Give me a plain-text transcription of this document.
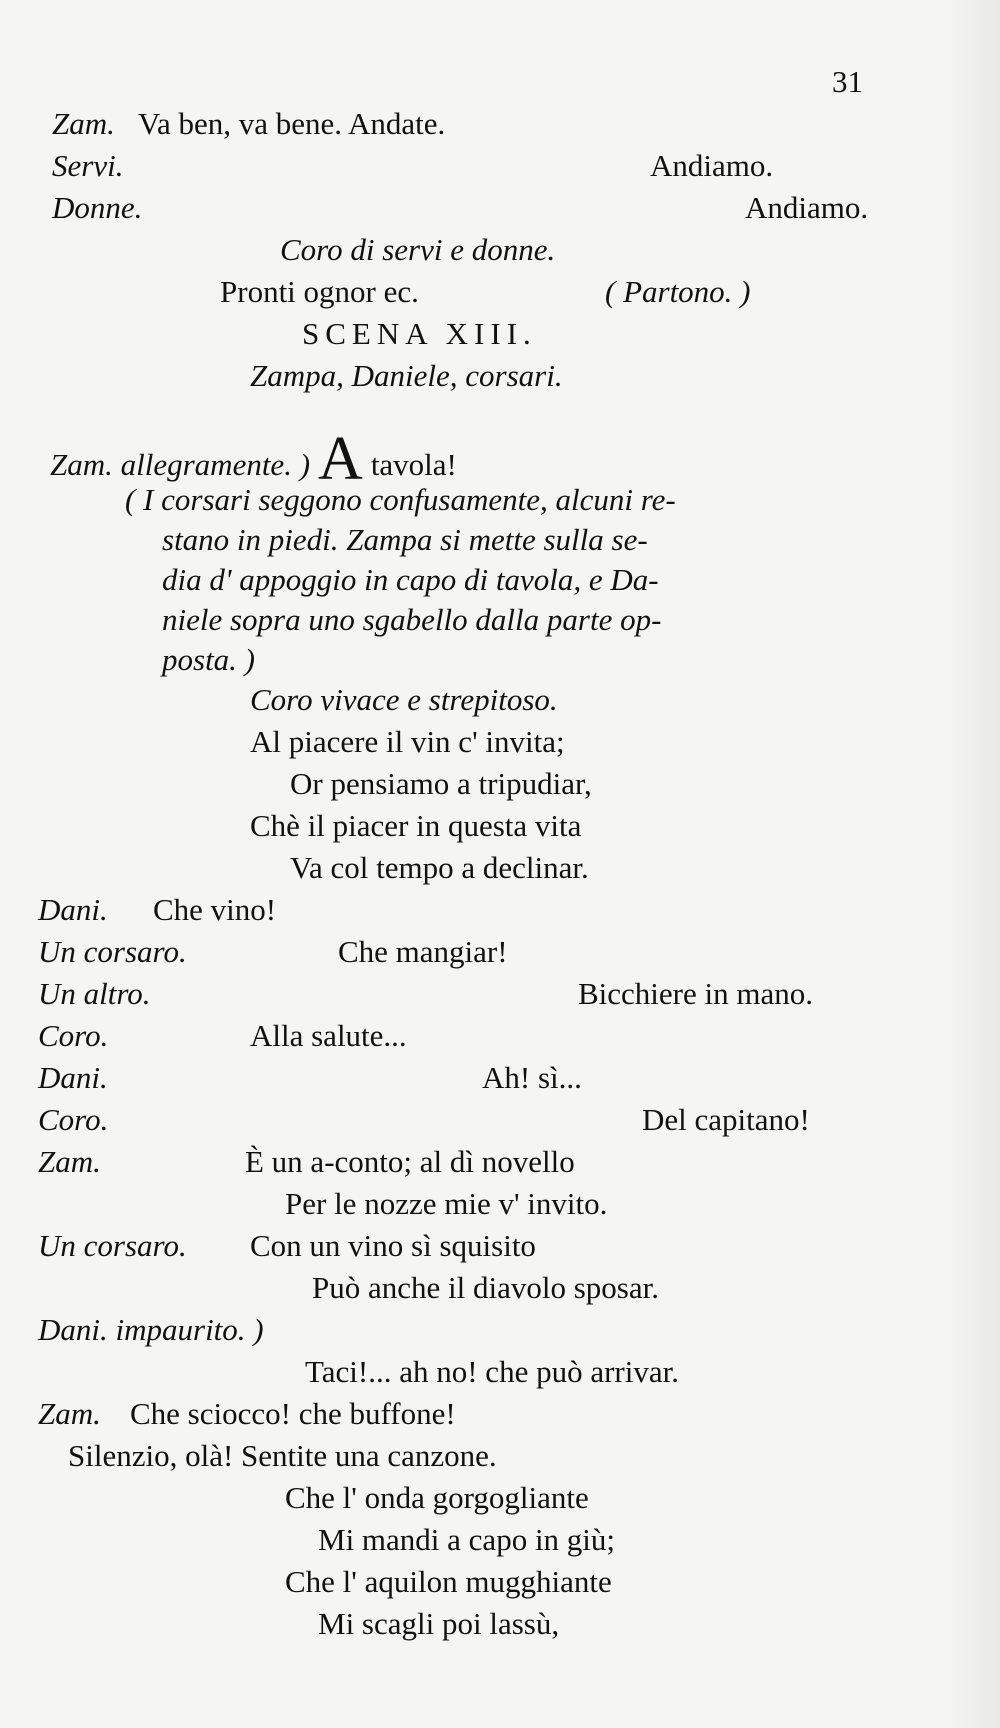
31
Zam. Va ben, va bene. Andate.
Servi.	Andiamo.
Donne.	Andiamo.
Coro di servi e donne.
Pronti ognor ec.	( Partono. )
SCENA XIII.
Zampa, Daniele, corsari.
Zam. allegramente. ) A tavola!
( I corsari seggono confusamente, alcuni re-
stano in piedi. Zampa si mette sulla se-
dia d' appoggio in capo di tavola, e Da-
niele sopra uno sgabello dalla parte op-
posta. )
Coro vivace e strepitoso.
Al piacere il vin c' invita;
Or pensiamo a tripudiar,
Chè il piacer in questa vita
Va col tempo a declinar.
Dani. Che vino!
Un corsaro.	Che mangiar!
Un altro.	Bicchiere in mano.
Coro.	Alla salute...
Dani.	Ah! sì...
Coro.	Del capitano!
Zam.	È un a-conto; al dì novello
Per le nozze mie v' invito.
Un corsaro. Con un vino sì squisito
Può anche il diavolo sposar.
Dani. impaurito. )
Taci!... ah no! che può arrivar.
Zam. Che sciocco! che buffone!
Silenzio, olà! Sentite una canzone.
Che l' onda gorgogliante
Mi mandi a capo in giù;
Che l' aquilon mugghiante
Mi scagli poi lassù,
